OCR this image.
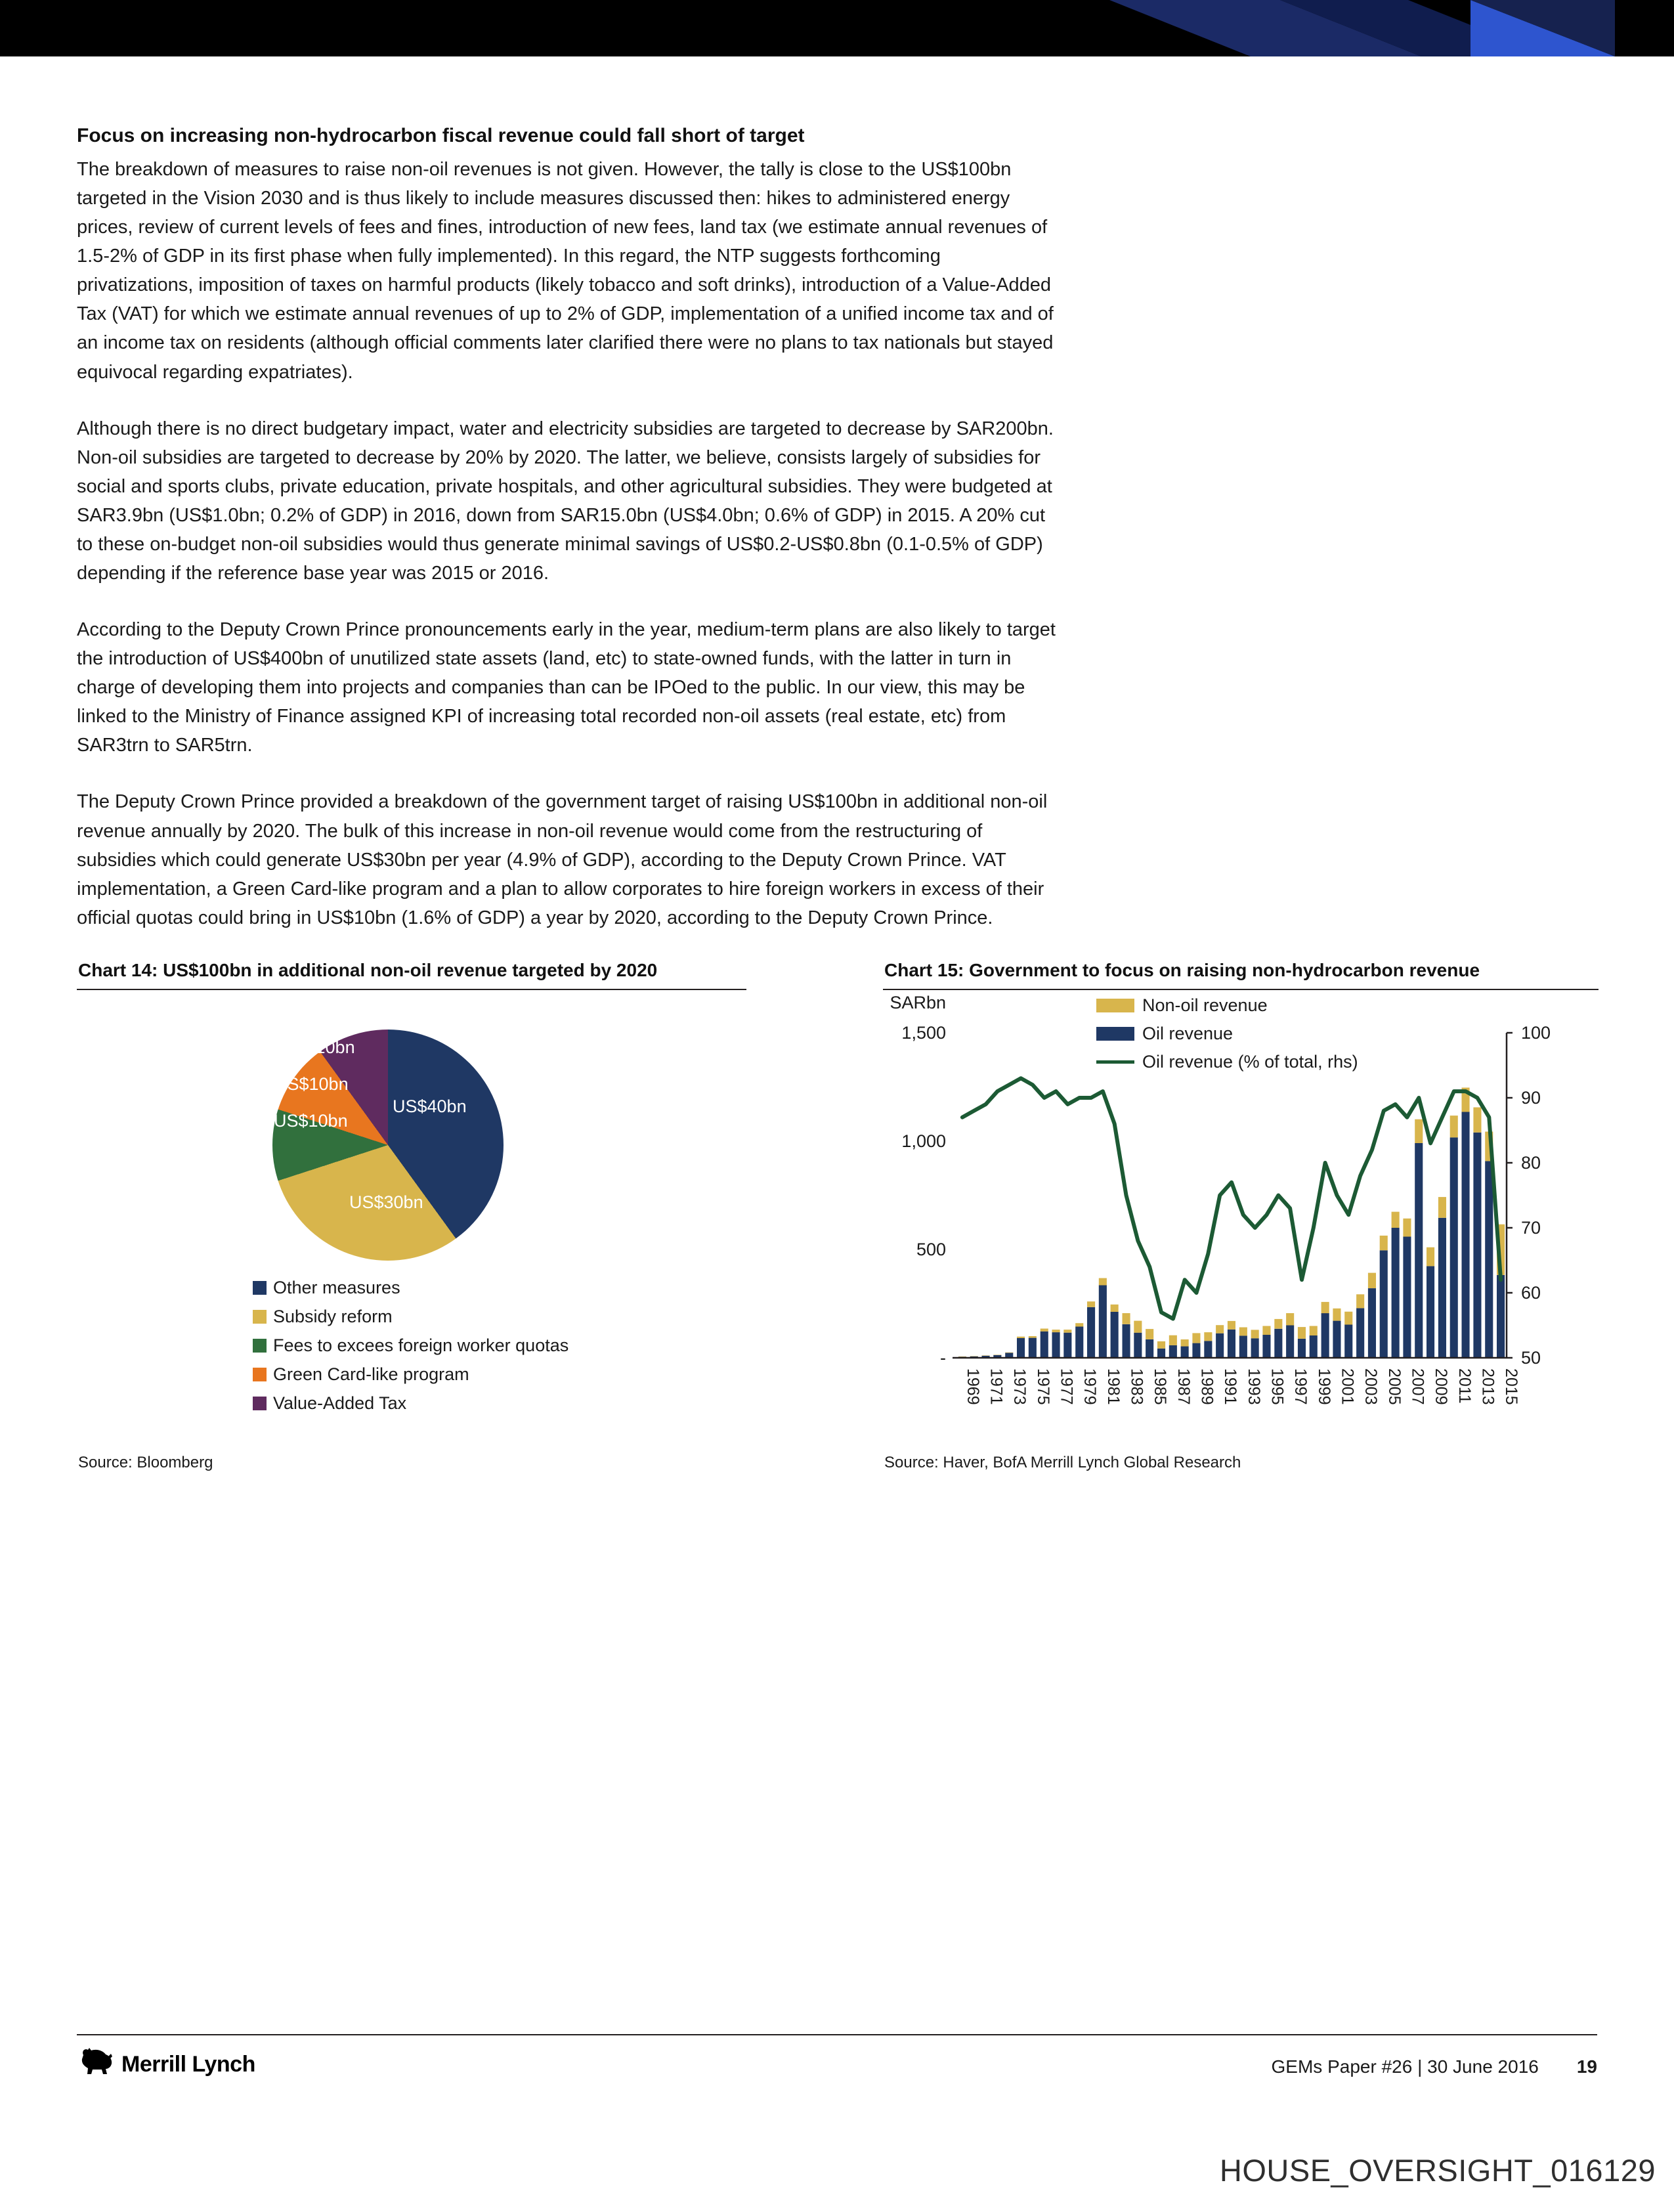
Focus on increasing non-hydrocarbon fiscal revenue could fall short of target

The breakdown of measures to raise non-oil revenues is not given. However, the tally is close to the US$100bn targeted in the Vision 2030 and is thus likely to include measures discussed then: hikes to administered energy prices, review of current levels of fees and fines, introduction of new fees, land tax (we estimate annual revenues of 1.5-2% of GDP in its first phase when fully implemented). In this regard, the NTP suggests forthcoming privatizations, imposition of taxes on harmful products (likely tobacco and soft drinks), introduction of a Value-Added Tax (VAT) for which we estimate annual revenues of up to 2% of GDP, implementation of a unified income tax and of an income tax on residents (although official comments later clarified there were no plans to tax nationals but stayed equivocal regarding expatriates).

Although there is no direct budgetary impact, water and electricity subsidies are targeted to decrease by SAR200bn. Non-oil subsidies are targeted to decrease by 20% by 2020. The latter, we believe, consists largely of subsidies for social and sports clubs, private education, private hospitals, and other agricultural subsidies. They were budgeted at SAR3.9bn (US$1.0bn; 0.2% of GDP) in 2016, down from SAR15.0bn (US$4.0bn; 0.6% of GDP) in 2015. A 20% cut to these on-budget non-oil subsidies would thus generate minimal savings of US$0.2-US$0.8bn (0.1-0.5% of GDP) depending if the reference base year was 2015 or 2016.

According to the Deputy Crown Prince pronouncements early in the year, medium-term plans are also likely to target the introduction of US$400bn of unutilized state assets (land, etc) to state-owned funds, with the latter in turn in charge of developing them into projects and companies than can be IPOed to the public. In our view, this may be linked to the Ministry of Finance assigned KPI of increasing total recorded non-oil assets (real estate, etc) from SAR3trn to SAR5trn.

The Deputy Crown Prince provided a breakdown of the government target of raising US$100bn in additional non-oil revenue annually by 2020. The bulk of this increase in non-oil revenue would come from the restructuring of subsidies which could generate US$30bn per year (4.9% of GDP), according to the Deputy Crown Prince. VAT implementation, a Green Card-like program and a plan to allow corporates to hire foreign workers in excess of their official quotas could bring in US$10bn (1.6% of GDP) a year by 2020, according to the Deputy Crown Prince.

Chart 14: US$100bn in additional non-oil revenue targeted by 2020
US$10bn
US$10bn
US$10bn
US$40bn
US$30bn
Other measures
Subsidy reform
Fees to excees foreign worker quotas
Green Card-like program
Value-Added Tax

Source: Bloomberg

Chart 15: Government to focus on raising non-hydrocarbon revenue
1969 1971 1973 1975 1977 1979 1981 1983 1985 1987 1989 1991 1993 1995 1997 1999 2001 2003 2005 2007 2009 2011 2013 2015
100
90
80
70
60
50
1,500
1,000
500
-
SARbn	Non-oil revenue
Oil revenue
Oil revenue (% of total, rhs)

Source: Haver, BofA Merrill Lynch Global Research

Merrill Lynch	GEMs Paper #26 | 30 June 2016 19
HOUSE_OVERSIGHT_016129
